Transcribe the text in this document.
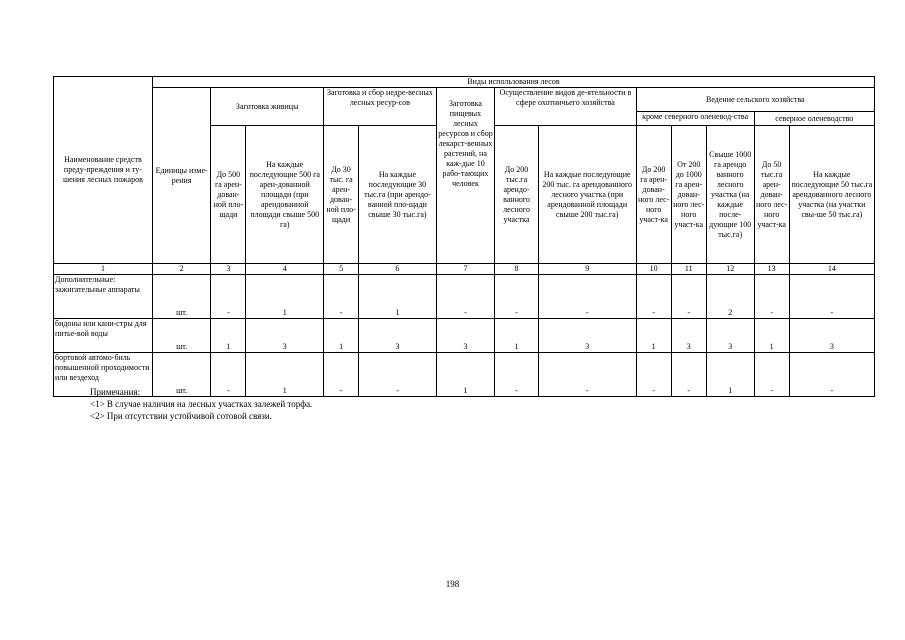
Наименование средств преду-преждения и ту-шения лесных пожаров	Виды использования лесов												
	Единицы изме-рения	Заготовка живицы		Заготовка и сбор недре-весных лесных ресур-сов		Заготовка пищевых лесных ресурсов и сбор лекарст-венных растений, на каж-дые 10 рабо-тающих человек	Осуществление видов де-ятельности в сфере охотничьего хозяйства		Ведение сельского хозяйства				
									кроме северного оленевод-ства			северное оленеводство	
		До 500 га арен-дован-ной пло-щади	На каждые последующие 500 га арен-дованной площади (при арендованной площади свыше 500 га)	До 30 тыс. га арен-дован-ной пло-щади	На каждые последующие 30 тыс.га (при арендо-ванной пло-щади свыше 30 тыс.га)		До 200 тыс.га арендо-ванного лесного участка	На каждые последующие 200 тыс. га арендованного лесного участка (при арендованной площади свыше 200 тыс.га)	До 200 га арен-дован-ного лес-ного участ-ка	От 200 до 1000 га арен-дован-ного лес-ного участ-ка	Свыше 1000 га арендо ванного лесного участка (на каждые после-дующие 100 тыс.га)	До 50 тыс.га арен-дован-ного лес-ного участ-ка	На каждые последующие 50 тыс.га арендованного лесного участка (на участки свы-ше 50 тыс.га)
1	2	3	4	5	6	7	8	9	10	11	12	13	14
Дополнительные: зажигательные аппараты	шт.	-	1	-	1	-	-	-	-	-	2	-	-
бидоны или кани-стры для питье-вой воды	шт.	1	3	1	3	3	1	3	1	3	3	1	3
бортовой автомо-биль повышенной проходимости или вездеход	шт.	-	1	-	-	1	-	-	-	-	1	-	-
Примечания:
<1> В случае наличия на лесных участках залежей торфа.
<2> При отсутствии устойчивой сотовой связи.
198
